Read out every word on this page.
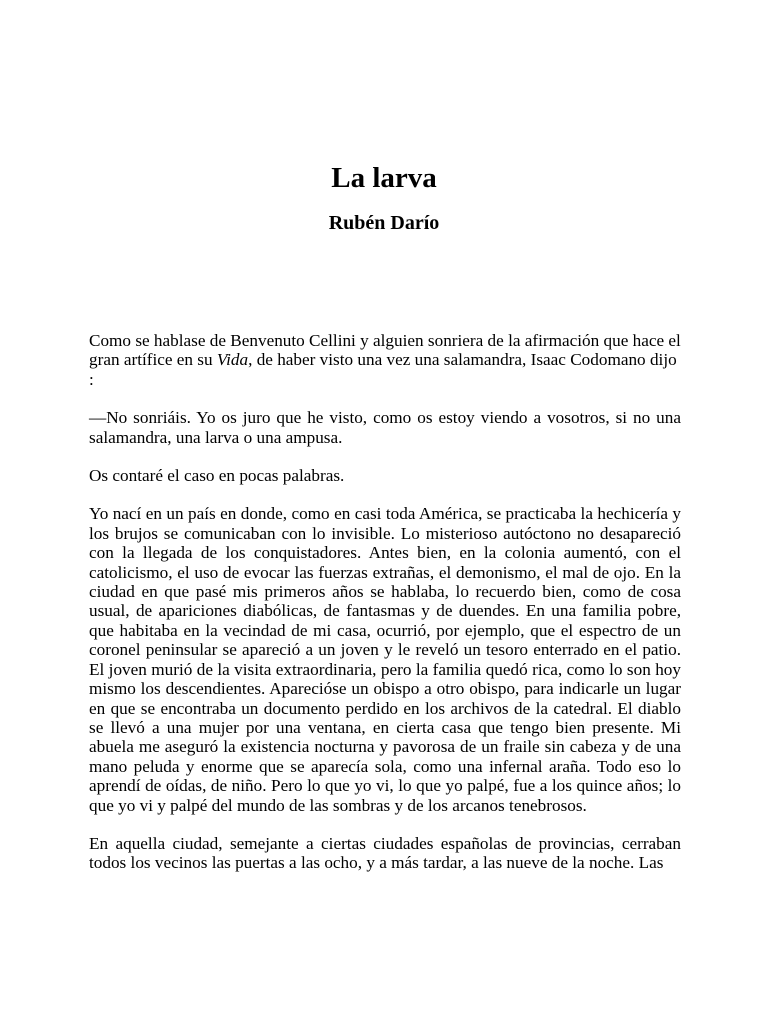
La larva
Rubén Darío

Como se hablase de Benvenuto Cellini y alguien sonriera de la afirmación que hace el gran artífice en su Vida, de haber visto una vez una salamandra, Isaac Codomano dijo :

—No sonriáis. Yo os juro que he visto, como os estoy viendo a vosotros, si no una salamandra, una larva o una ampusa.

Os contaré el caso en pocas palabras.

Yo nací en un país en donde, como en casi toda América, se practicaba la hechicería y los brujos se comunicaban con lo invisible. Lo misterioso autóctono no desapareció con la llegada de los conquistadores. Antes bien, en la colonia aumentó, con el catolicismo, el uso de evocar las fuerzas extrañas, el demonismo, el mal de ojo. En la ciudad en que pasé mis primeros años se hablaba, lo recuerdo bien, como de cosa usual, de apariciones diabólicas, de fantasmas y de duendes. En una familia pobre, que habitaba en la vecindad de mi casa, ocurrió, por ejemplo, que el espectro de un coronel peninsular se apareció a un joven y le reveló un tesoro enterrado en el patio. El joven murió de la visita extraordinaria, pero la familia quedó rica, como lo son hoy mismo los descendientes. Aparecióse un obispo a otro obispo, para indicarle un lugar en que se encontraba un documento perdido en los archivos de la catedral. El diablo se llevó a una mujer por una ventana, en cierta casa que tengo bien presente. Mi abuela me aseguró la existencia nocturna y pavorosa de un fraile sin cabeza y de una mano peluda y enorme que se aparecía sola, como una infernal araña. Todo eso lo aprendí de oídas, de niño. Pero lo que yo vi, lo que yo palpé, fue a los quince años; lo que yo vi y palpé del mundo de las sombras y de los arcanos tenebrosos.

En aquella ciudad, semejante a ciertas ciudades españolas de provincias, cerraban todos los vecinos las puertas a las ocho, y a más tardar, a las nueve de la noche. Las
